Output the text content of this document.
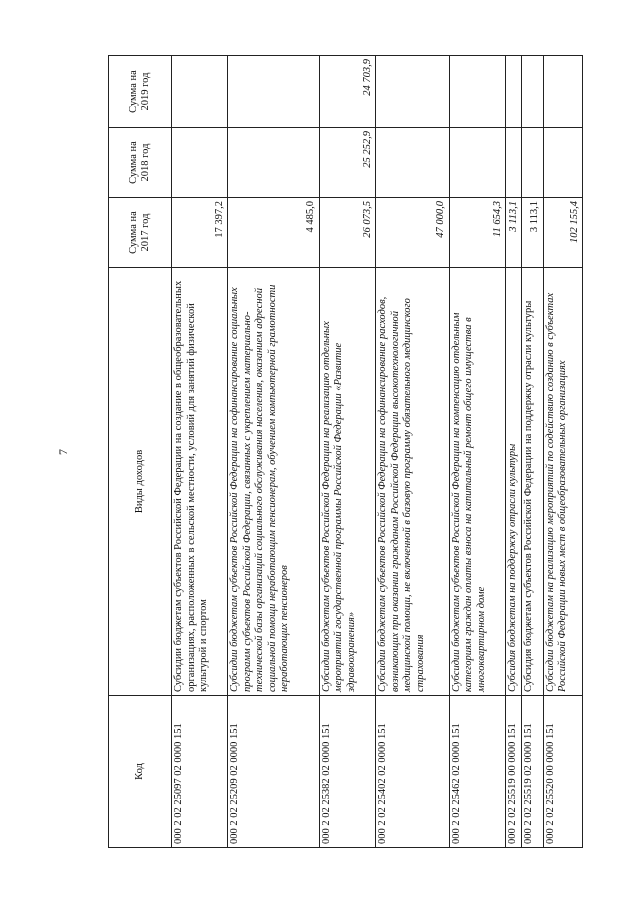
7
Код	Виды доходов	Сумма на 2017 год	Сумма на 2018 год	Сумма на 2019 год
000 2 02 25097 02 0000 151	Субсидии бюджетам субъектов Российской Федерации на создание в общеобразовательных организациях, расположенных в сельской местности, условий для занятий физической культурой и спортом	17 397,2		
000 2 02 25209 02 0000 151	Субсидии бюджетам субъектов Российской Федерации на софинансирование социальных программ субъектов Российской Федерации, связанных с укреплением материально-технической базы организаций социального обслуживания населения, оказанием адресной социальной помощи неработающим пенсионерам, обучением компьютерной грамотности неработающих пенсионеров	4 485,0		
000 2 02 25382 02 0000 151	Субсидии бюджетам субъектов Российской Федерации на реализацию отдельных мероприятий государственной программы Российской Федерации «Развитие здравоохранения»	26 073,5	25 252,9	24 703,9
000 2 02 25402 02 0000 151	Субсидии бюджетам субъектов Российской Федерации на софинансирование расходов, возникающих при оказании гражданам Российской Федерации высокотехнологичной медицинской помощи, не включенной в базовую программу обязательного медицинского страхования	47 000,0		
000 2 02 25462 02 0000 151	Субсидии бюджетам субъектов Российской Федерации на компенсацию отдельным категориям граждан оплаты взноса на капитальный ремонт общего имущества в многоквартирном доме	11 654,3		
000 2 02 25519 00 0000 151	Субсидия бюджетам на поддержку отрасли культуры	3 113,1		
000 2 02 25519 02 0000 151	Субсидия бюджетам субъектов Российской Федерации на поддержку отрасли культуры	3 113,1		
000 2 02 25520 00 0000 151	Субсидии бюджетам на реализацию мероприятий по содействию созданию в субъектах Российской Федерации новых мест в общеобразовательных организациях	102 155,4		
